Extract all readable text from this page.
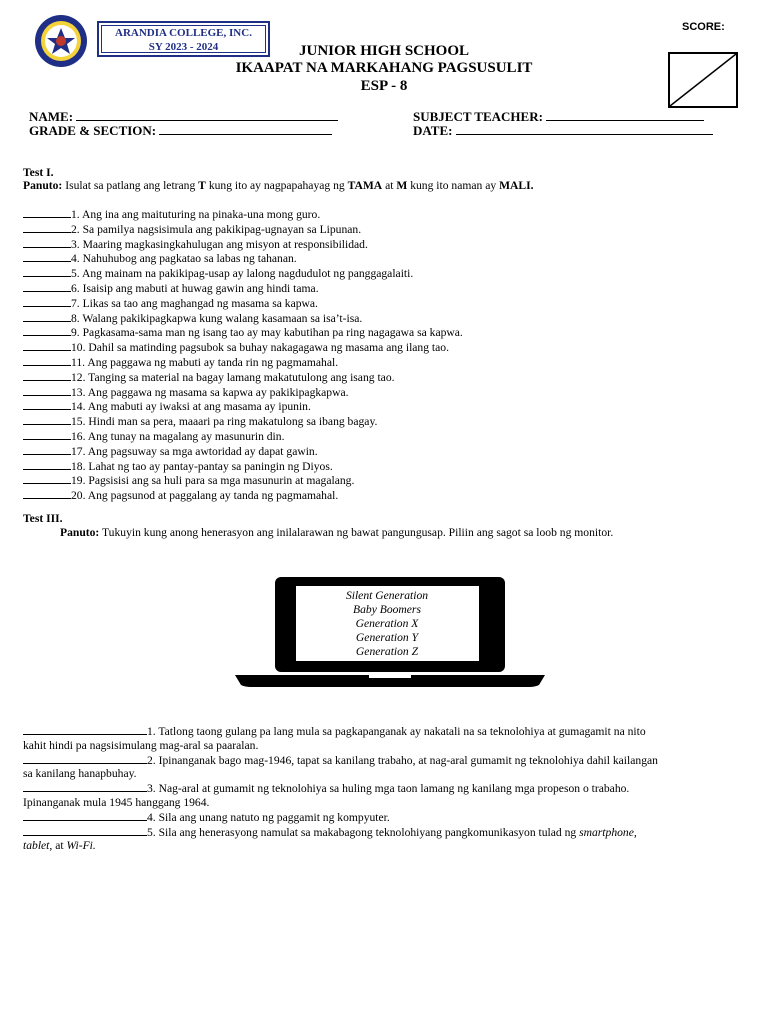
ARANDIA COLLEGE, INC.
SY 2023 - 2024
SCORE:
JUNIOR HIGH SCHOOL
IKAAPAT NA MARKAHANG PAGSUSULIT
ESP - 8
NAME:
GRADE & SECTION:
SUBJECT TEACHER:
DATE:
Test I.
Panuto: Isulat sa patlang ang letrang T kung ito ay nagpapahayag ng TAMA at M kung ito naman ay MALI.
1. Ang ina ang maituturing na pinaka-una mong guro.
2. Sa pamilya nagsisimula ang pakikipag-ugnayan sa Lipunan.
3. Maaring magkasingkahulugan ang misyon at responsibilidad.
4. Nahuhubog ang pagkatao sa labas ng tahanan.
5. Ang mainam na pakikipag-usap ay lalong nagdudulot ng panggagalaiti.
6. Isaisip ang mabuti at huwag gawin ang hindi tama.
7. Likas sa tao ang maghangad ng masama sa kapwa.
8. Walang pakikipagkapwa kung walang kasamaan sa isa’t-isa.
9. Pagkasama-sama man ng isang tao ay may kabutihan pa ring nagagawa sa kapwa.
10. Dahil sa matinding pagsubok sa buhay nakagagawa ng masama ang ilang tao.
11. Ang paggawa ng mabuti ay tanda rin ng pagmamahal.
12. Tanging sa material na bagay lamang makatutulong ang isang tao.
13. Ang paggawa ng masama sa kapwa ay pakikipagkapwa.
14. Ang mabuti ay iwaksi at ang masama ay ipunin.
15. Hindi man sa pera, maaari pa ring makatulong sa ibang bagay.
16. Ang tunay na magalang ay masunurin din.
17. Ang pagsuway sa mga awtoridad ay dapat gawin.
18. Lahat ng tao ay pantay-pantay sa paningin ng Diyos.
19. Pagsisisi ang sa huli para sa mga masunurin at magalang.
20. Ang pagsunod at paggalang ay tanda ng pagmamahal.
Test III.
Panuto: Tukuyin kung anong henerasyon ang inilalarawan ng bawat pangungusap. Piliin ang sagot sa loob ng monitor.
Silent Generation
Baby Boomers
Generation X
Generation Y
Generation Z
1. Tatlong taong gulang pa lang mula sa pagkapanganak ay nakatali na sa teknolohiya at gumagamit na nito
kahit hindi pa nagsisimulang mag-aral sa paaralan.
2. Ipinanganak bago mag-1946, tapat sa kanilang trabaho, at nag-aral gumamit ng teknolohiya dahil kailangan
sa kanilang hanapbuhay.
3. Nag-aral at gumamit ng teknolohiya sa huling mga taon lamang ng kanilang mga propeson o trabaho.
Ipinanganak mula 1945 hanggang 1964.
4. Sila ang unang natuto ng paggamit ng kompyuter.
5. Sila ang henerasyong namulat sa makabagong teknolohiyang pangkomunikasyon tulad ng smartphone,
tablet, at Wi-Fi.
